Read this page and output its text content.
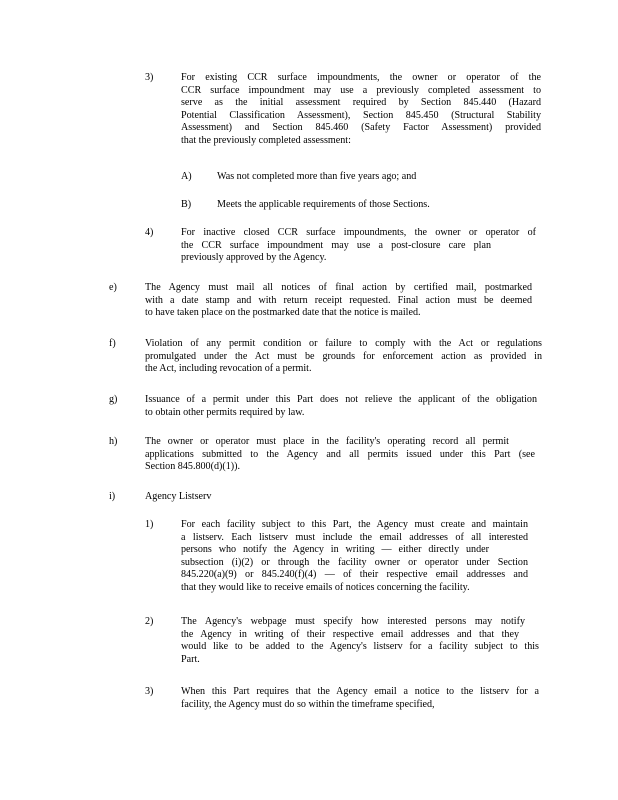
3)	For existing CCR surface impoundments, the owner or operator of the
CCR surface impoundment may use a previously completed assessment to
serve as the initial assessment required by Section 845.440 (Hazard
Potential Classification Assessment), Section 845.450 (Structural Stability
Assessment) and Section 845.460 (Safety Factor Assessment) provided
that the previously completed assessment:
A)	Was not completed more than five years ago; and
B)	Meets the applicable requirements of those Sections.
4)	For inactive closed CCR surface impoundments, the owner or operator of
the CCR surface impoundment may use a post-closure care plan
previously approved by the Agency.
e)	The Agency must mail all notices of final action by certified mail, postmarked
with a date stamp and with return receipt requested. Final action must be deemed
to have taken place on the postmarked date that the notice is mailed.
f)	Violation of any permit condition or failure to comply with the Act or regulations
promulgated under the Act must be grounds for enforcement action as provided in
the Act, including revocation of a permit.
g)	Issuance of a permit under this Part does not relieve the applicant of the obligation
to obtain other permits required by law.
h)	The owner or operator must place in the facility's operating record all permit
applications submitted to the Agency and all permits issued under this Part (see
Section 845.800(d)(1)).
i)	Agency Listserv
1)	For each facility subject to this Part, the Agency must create and maintain
a listserv. Each listserv must include the email addresses of all interested
persons who notify the Agency in writing — either directly under
subsection (i)(2) or through the facility owner or operator under Section
845.220(a)(9) or 845.240(f)(4) — of their respective email addresses and
that they would like to receive emails of notices concerning the facility.
2)	The Agency's webpage must specify how interested persons may notify
the Agency in writing of their respective email addresses and that they
would like to be added to the Agency's listserv for a facility subject to this
Part.
3)	When this Part requires that the Agency email a notice to the listserv for a
facility, the Agency must do so within the timeframe specified,
